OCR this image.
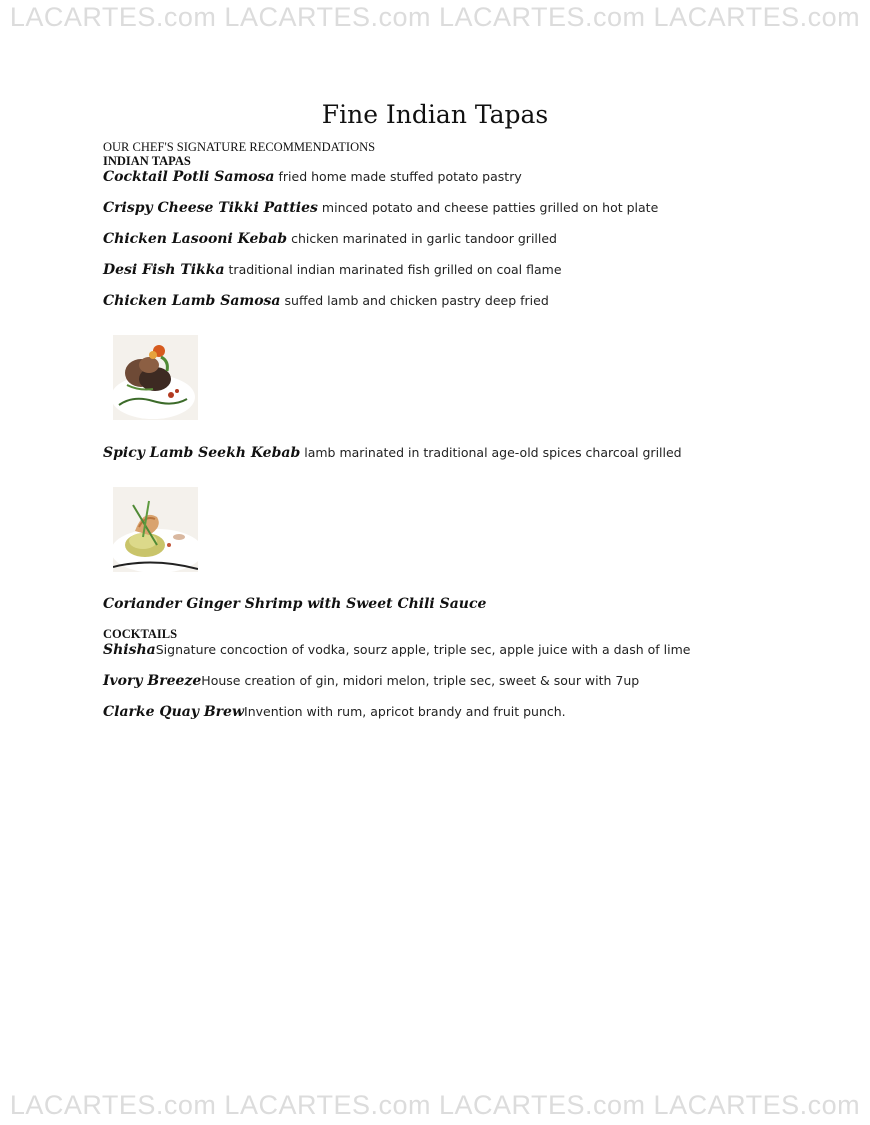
LACARTES.com LACARTES.com LACARTES.com LACARTES.com
Fine Indian Tapas
OUR CHEF'S SIGNATURE RECOMMENDATIONS
INDIAN TAPAS
Cocktail Potli Samosa fried home made stuffed potato pastry
Crispy Cheese Tikki Patties minced potato and cheese patties grilled on hot plate
Chicken Lasooni Kebab chicken marinated in garlic tandoor grilled
Desi Fish Tikka traditional indian marinated fish grilled on coal flame
Chicken Lamb Samosa suffed lamb and chicken pastry deep fried
Spicy Lamb Seekh Kebab lamb marinated in traditional age-old spices charcoal grilled
Coriander Ginger Shrimp with Sweet Chili Sauce
COCKTAILS
ShishaSignature concoction of vodka, sourz apple, triple sec, apple juice with a dash of lime
Ivory BreezeHouse creation of gin, midori melon, triple sec, sweet & sour with 7up
Clarke Quay BrewInvention with rum, apricot brandy and fruit punch.
LACARTES.com LACARTES.com LACARTES.com LACARTES.com
